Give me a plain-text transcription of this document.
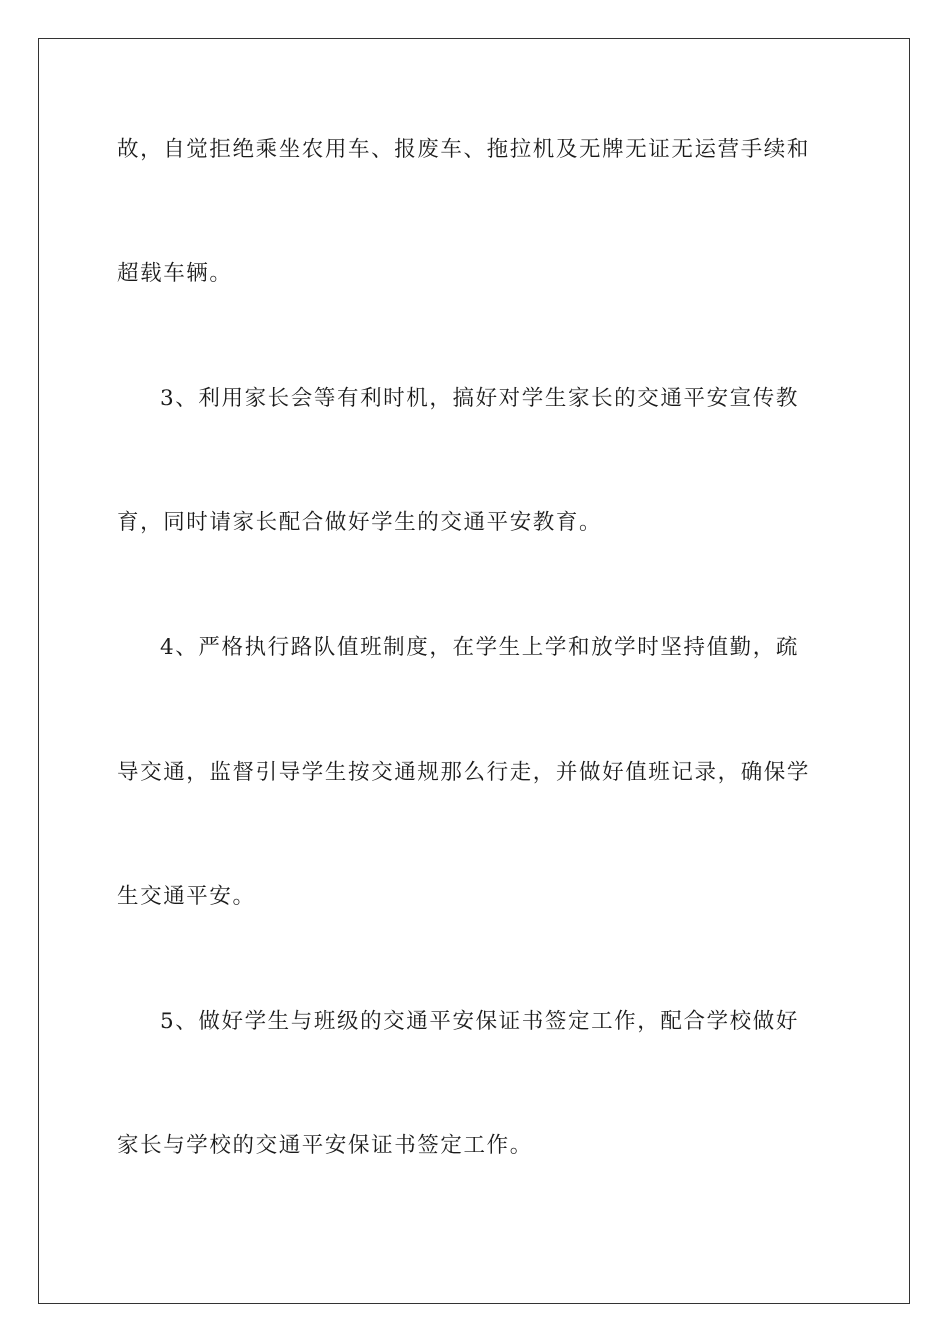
故，自觉拒绝乘坐农用车、报废车、拖拉机及无牌无证无运营手续和
超载车辆。
3、利用家长会等有利时机，搞好对学生家长的交通平安宣传教
育，同时请家长配合做好学生的交通平安教育。
4、严格执行路队值班制度，在学生上学和放学时坚持值勤，疏
导交通，监督引导学生按交通规那么行走，并做好值班记录，确保学
生交通平安。
5、做好学生与班级的交通平安保证书签定工作，配合学校做好
家长与学校的交通平安保证书签定工作。
